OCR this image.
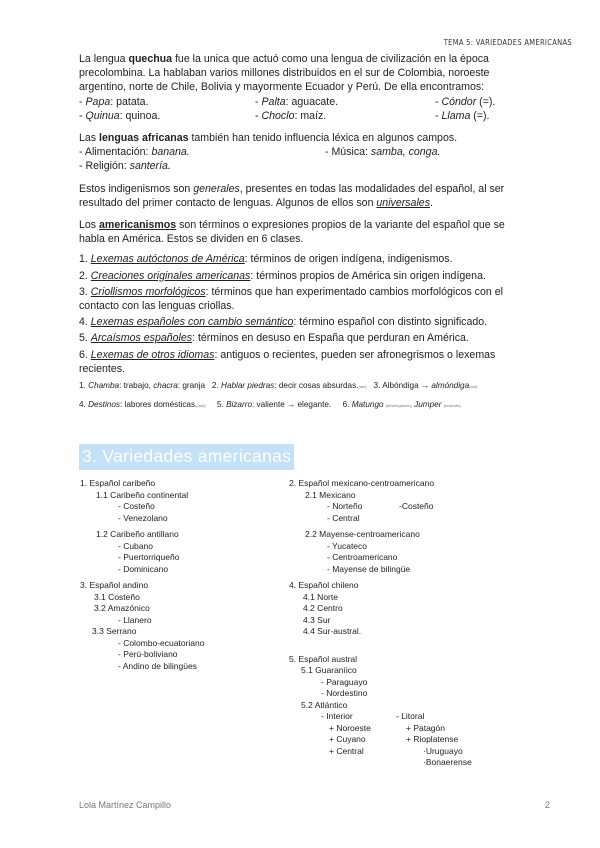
TEMA 5: VARIEDADES AMERICANAS

La lengua quechua fue la unica que actuó como una lengua de civilización en la época precolombina. La hablaban varios millones distribuidos en el sur de Colombia, noroeste argentino, norte de Chile, Bolivia y mayormente Ecuador y Perú. De ella encontramos:

- Papa: patata.	- Palta: aguacate.	- Cóndor (=).
- Quinua: quinoa.	- Choclo: maíz.	- Llama (=).

Las lenguas africanas también han tenido influencia léxica en algunos campos.

- Alimentación: banana.	- Música: samba, conga.
- Religión: santería.

Estos indigenismos son generales, presentes en todas las modalidades del español, al ser resultado del primer contacto de lenguas. Algunos de ellos son universales.

Los americanismos son términos o expresiones propios de la variante del español que se habla en América. Estos se dividen en 6 clases.

1. Lexemas autóctonos de América: términos de origen indígena, indigenismos.
2. Creaciones originales americanas: términos propios de América sin origen indígena.
3. Criollismos morfológicos: términos que han experimentado cambios morfológicos con el contacto con las lenguas criollas.
4. Lexemas españoles con cambio semántico: término español con distinto significado.
5. Arcaísmos españoles: términos en desuso en España que perduran en América.
6. Lexemas de otros idiomas: antiguos o recientes, pueden ser afronegrismos o lexemas recientes.
1. Chamba: trabajo, chacra: granja 2. Hablar piedras: decir cosas absurdas.(ant) 3. Albóndiga → almóndiga(ant)
4. Destinos: labores domésticas.(ant) 5. Bizarro: valiente → elegante. 6. Matungo (afronegrismo) Jumper (reciente)
3. Variedades americanas
1. Español caribeño
1.1 Caribeño continental
- Costeño
- Venezolano
1.2 Caribeño antillano
- Cubano
- Puertorriqueño
- Dominicano
3. Español andino
3.1 Costeño
3.2 Amazónico
- Llanero
3.3 Serrano
- Colombo-ecuatoriano
- Perú-boliviano
- Andino de bilingües
2. Español mexicano-centroamericano
2.1 Mexicano
- Norteño	-Costeño
- Central
2.2 Mayense-centroamericano
- Yucateco
- Centroamericano
- Mayense de bilingüe
4. Español chileno
4.1 Norte
4.2 Centro
4.3 Sur
4.4 Sur-austral.
5. Español austral
5.1 Guaraníico
- Paraguayo
- Nordestino
5.2 Atlántico
- Interior	- Litoral
+ Noroeste	+ Patagón
+ Cuyano	+ Rioplatense
+ Central	·Uruguayo
·Bonaerense
Lola Martínez Campillo	2
